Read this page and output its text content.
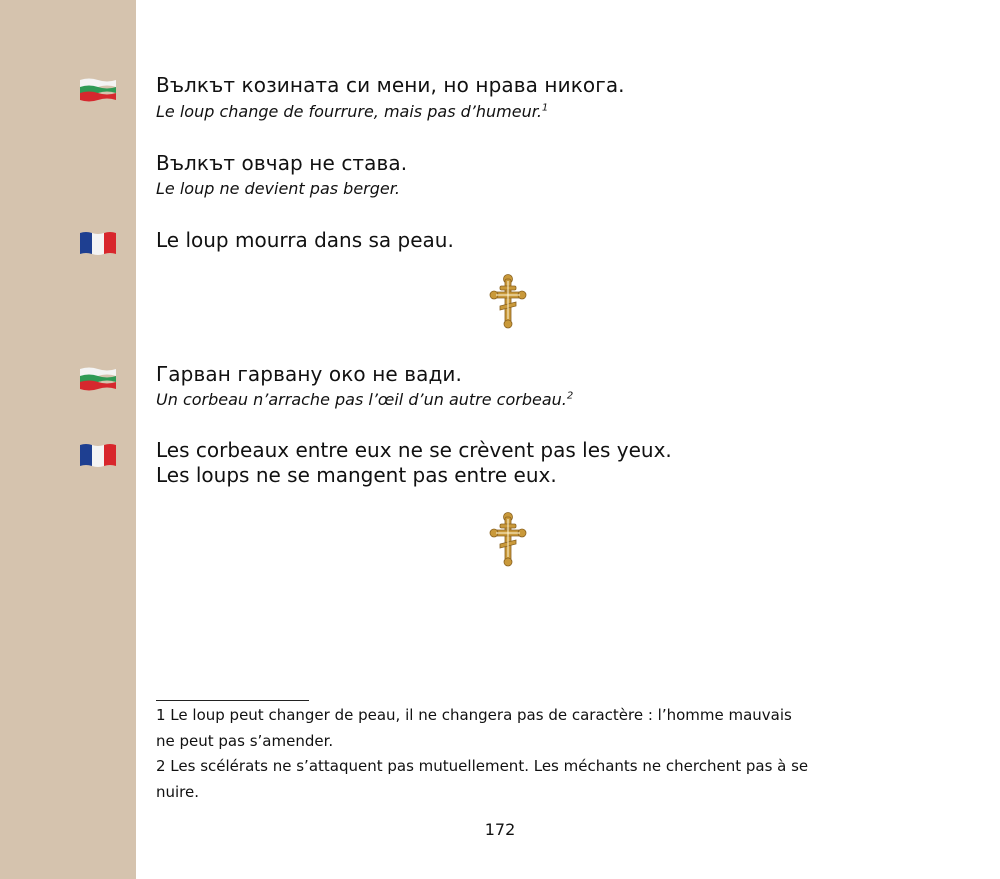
Вълкът козината си мени, но нрава никога.
Le loup change de fourrure, mais pas d’humeur.$^1$
Вълкът овчар не става.
Le loup ne devient pas berger.
Le loup mourra dans sa peau.
Гарван гарвану око не вади.
Un corbeau n’arrache pas l’œil d’un autre corbeau.$^2$
Les corbeaux entre eux ne se crèvent pas les yeux.
Les loups ne se mangent pas entre eux.
1 Le loup peut changer de peau, il ne changera pas de caractère : l’homme mauvais
ne peut pas s’amender.
2 Les scélérats ne s’attaquent pas mutuellement. Les méchants ne cherchent pas à se
nuire.
172
